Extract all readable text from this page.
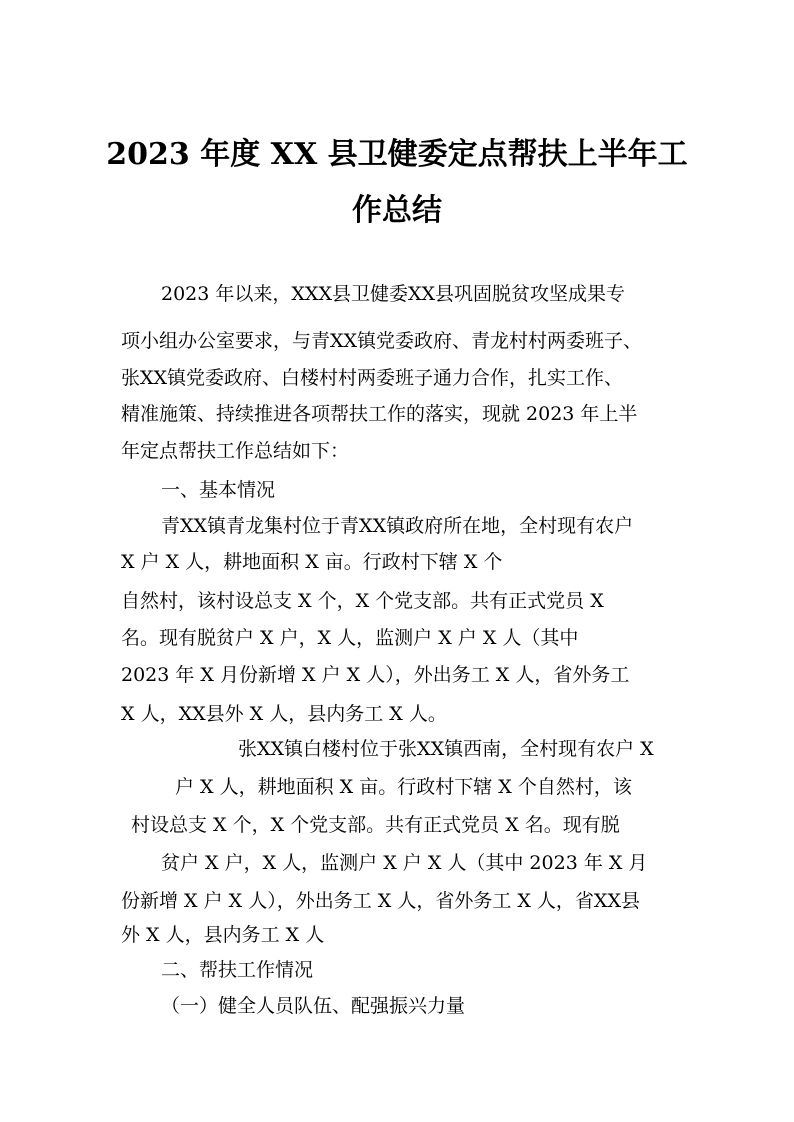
2023 年度 XX 县卫健委定点帮扶上半年工
作总结
2023 年以来，XXX县卫健委XX县巩固脱贫攻坚成果专
项小组办公室要求，与青XX镇党委政府、青龙村村两委班子、
张XX镇党委政府、白楼村村两委班子通力合作，扎实工作、
精准施策、持续推进各项帮扶工作的落实，现就 2023 年上半
年定点帮扶工作总结如下：
一、基本情况
青XX镇青龙集村位于青XX镇政府所在地，全村现有农户
X 户 X 人，耕地面积 X 亩。行政村下辖 X 个
自然村，该村设总支 X 个，X 个党支部。共有正式党员 X
名。现有脱贫户 X 户，X 人，监测户 X 户 X 人（其中
2023 年 X 月份新增 X 户 X 人），外出务工 X 人，省外务工
X 人，XX县外 X 人，县内务工 X 人。
张XX镇白楼村位于张XX镇西南，全村现有农户 X
户 X 人，耕地面积 X 亩。行政村下辖 X 个自然村，该
村设总支 X 个，X 个党支部。共有正式党员 X 名。现有脱
贫户 X 户，X 人，监测户 X 户 X 人（其中 2023 年 X 月
份新增 X 户 X 人），外出务工 X 人，省外务工 X 人，省XX县
外 X 人，县内务工 X 人
二、帮扶工作情况
（一）健全人员队伍、配强振兴力量
